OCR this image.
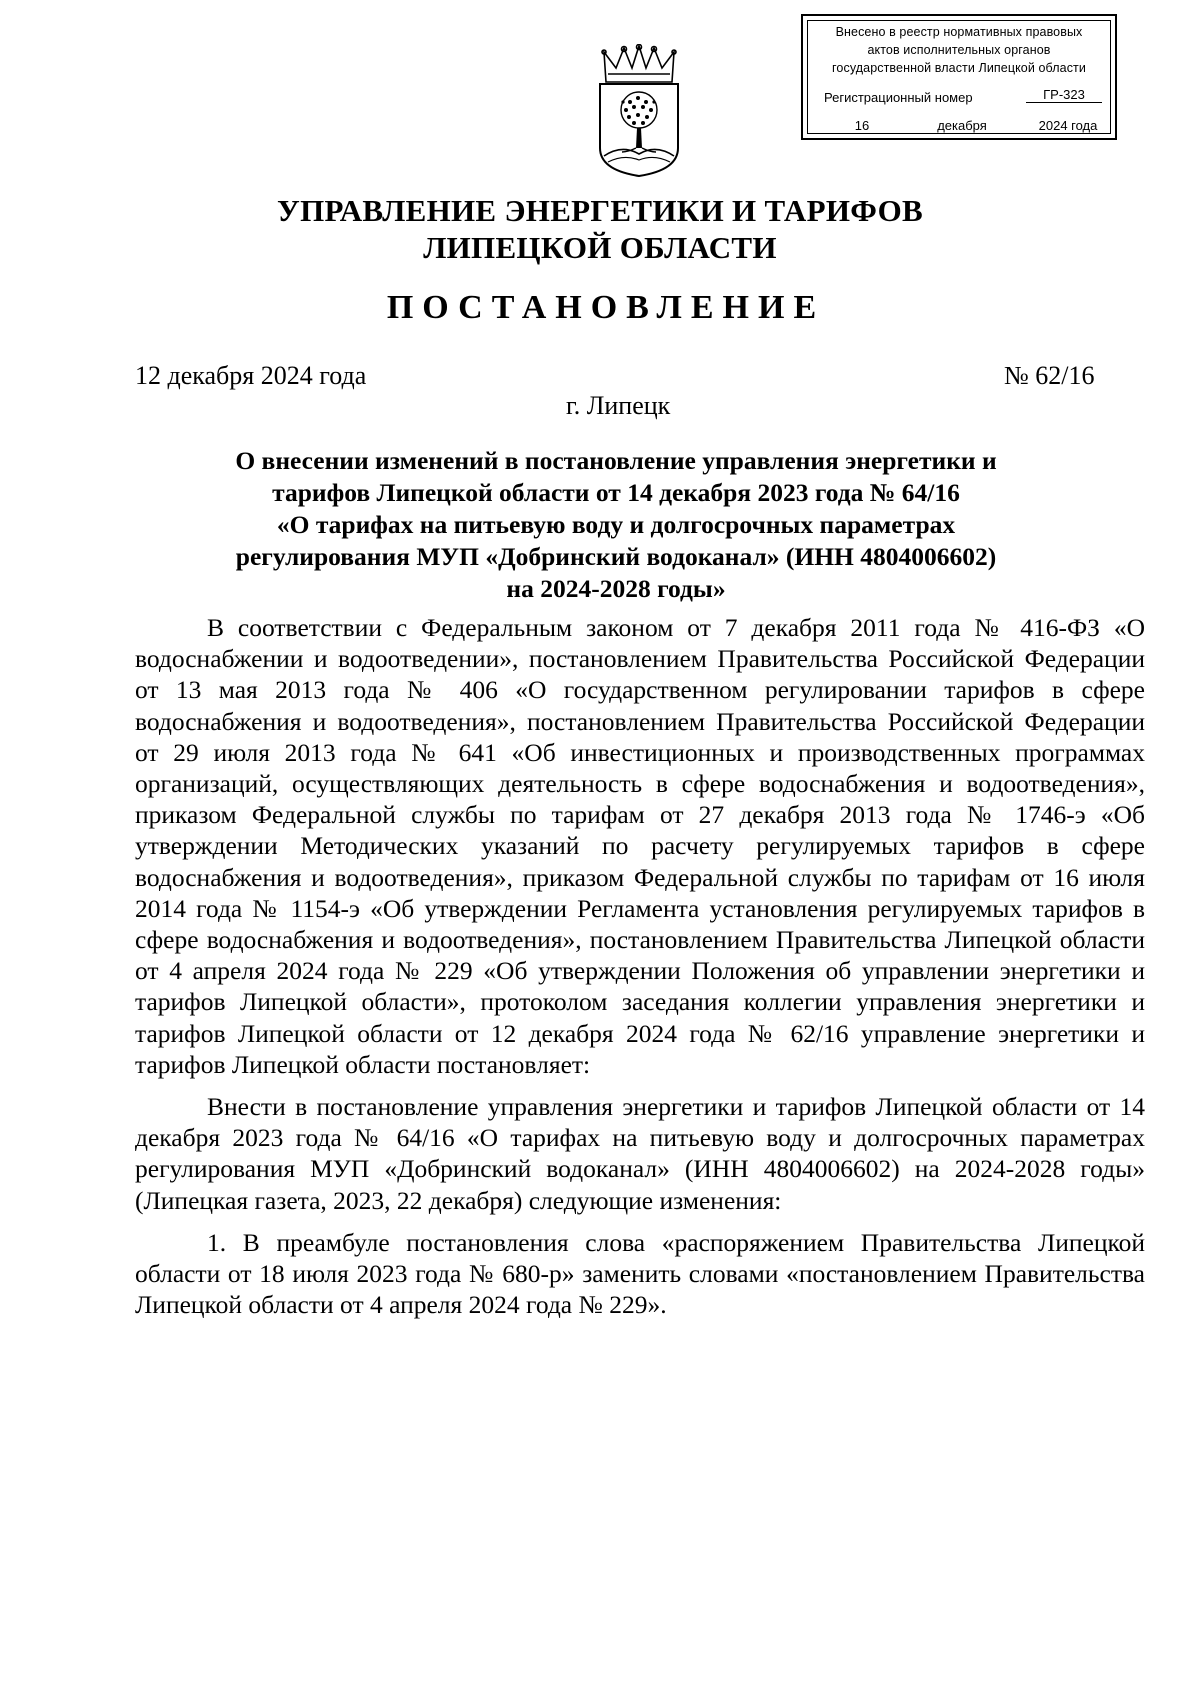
Внесено в реестр нормативных правовых
актов исполнительных органов
государственной власти Липецкой области
Регистрационный номер	ГР-323
16	декабря	2024 года
УПРАВЛЕНИЕ ЭНЕРГЕТИКИ И ТАРИФОВ
ЛИПЕЦКОЙ ОБЛАСТИ
ПОСТАНОВЛЕНИЕ
12 декабря 2024 года	№ 62/16
г. Липецк
О внесении изменений в постановление управления энергетики и
тарифов Липецкой области от 14 декабря 2023 года № 64/16
«О тарифах на питьевую воду и долгосрочных параметрах
регулирования МУП «Добринский водоканал» (ИНН 4804006602)
на 2024-2028 годы»

В соответствии с Федеральным законом от 7 декабря 2011 года № 416-ФЗ «О водоснабжении и водоотведении», постановлением Правительства Российской Федерации от 13 мая 2013 года № 406 «О государственном регулировании тарифов в сфере водоснабжения и водоотведения», постановлением Правительства Российской Федерации от 29 июля 2013 года № 641 «Об инвестиционных и производственных программах организаций, осуществляющих деятельность в сфере водоснабжения и водоотведения», приказом Федеральной службы по тарифам от 27 декабря 2013 года № 1746-э «Об утверждении Методических указаний по расчету регулируемых тарифов в сфере водоснабжения и водоотведения», приказом Федеральной службы по тарифам от 16 июля 2014 года № 1154-э «Об утверждении Регламента установления регулируемых тарифов в сфере водоснабжения и водоотведения», постановлением Правительства Липецкой области от 4 апреля 2024 года № 229 «Об утверждении Положения об управлении энергетики и тарифов Липецкой области», протоколом заседания коллегии управления энергетики и тарифов Липецкой области от 12 декабря 2024 года № 62/16 управление энергетики и тарифов Липецкой области постановляет:

Внести в постановление управления энергетики и тарифов Липецкой области от 14 декабря 2023 года № 64/16 «О тарифах на питьевую воду и долгосрочных параметрах регулирования МУП «Добринский водоканал» (ИНН 4804006602) на 2024-2028 годы» (Липецкая газета, 2023, 22 декабря) следующие изменения:

1. В преамбуле постановления слова «распоряжением Правительства Липецкой области от 18 июля 2023 года № 680-р» заменить словами «постановлением Правительства Липецкой области от 4 апреля 2024 года № 229».
